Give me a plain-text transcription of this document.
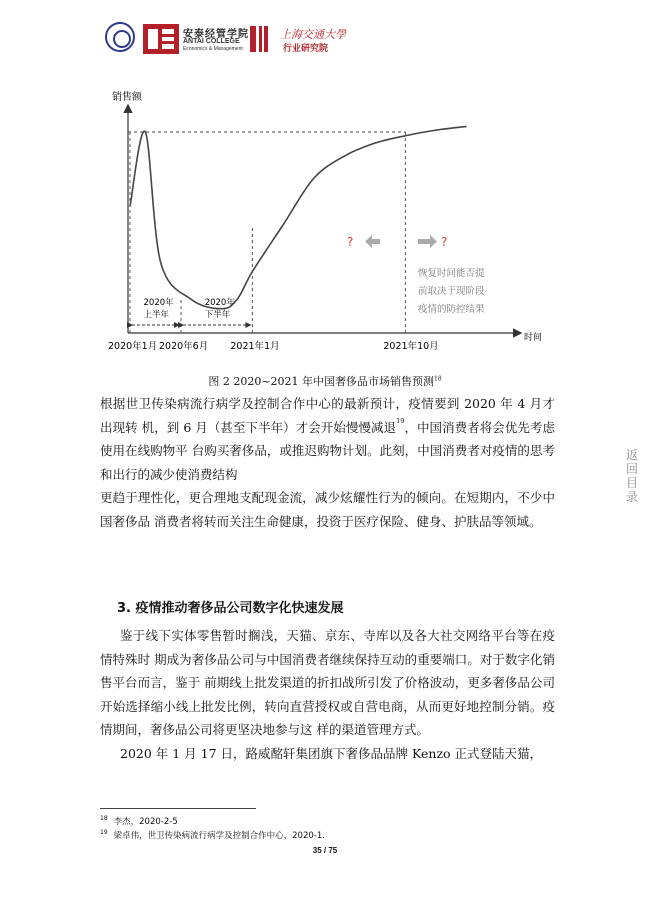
安泰经管学院
ANTAI COLLEGE
Economics & Management
上海交通大學
行业研究院
销售额
时间
2020年1月 2020年6月 2021年1月	2021年10月
2020年
上半年
2020年
下半年
?	?
恢复时间能否提
前取决于现阶段
疫情的防控结果
图 2 2020~2021 年中国奢侈品市场销售预测$^{18}$
根据世卫传染病流行病学及控制合作中心的最新预计，疫情要到 2020 年 4 月才出现转 机，到 6 月（甚至下半年）才会开始慢慢减退$^{19}$，中国消费者将会优先考虑使用在线购物平 台购买奢侈品，或推迟购物计划。此刻，中国消费者对疫情的思考和出行的减少使消费结构
更趋于理性化，更合理地支配现金流，减少炫耀性行为的倾向。在短期内，不少中国奢侈品 消费者将转而关注生命健康，投资于医疗保险、健身、护肤品等领域。
3. 疫情推动奢侈品公司数字化快速发展
鉴于线下实体零售暂时搁浅，天猫、京东、寺库以及各大社交网络平台等在疫情特殊时 期成为奢侈品公司与中国消费者继续保持互动的重要端口。对于数字化销售平台而言，鉴于 前期线上批发渠道的折扣战所引发了价格波动，更多奢侈品公司开始选择缩小线上批发比例，转向直营授权或自营电商，从而更好地控制分销。疫情期间，奢侈品公司将更坚决地参与这 样的渠道管理方式。
2020 年 1 月 17 日，路威酩轩集团旗下奢侈品品牌 Kenzo 正式登陆天猫，
返回目录
$^{18}$ 李杰，2020-2-5
$^{19}$ 梁卓伟，世卫传染病流行病学及控制合作中心，2020-1.
35 / 75
